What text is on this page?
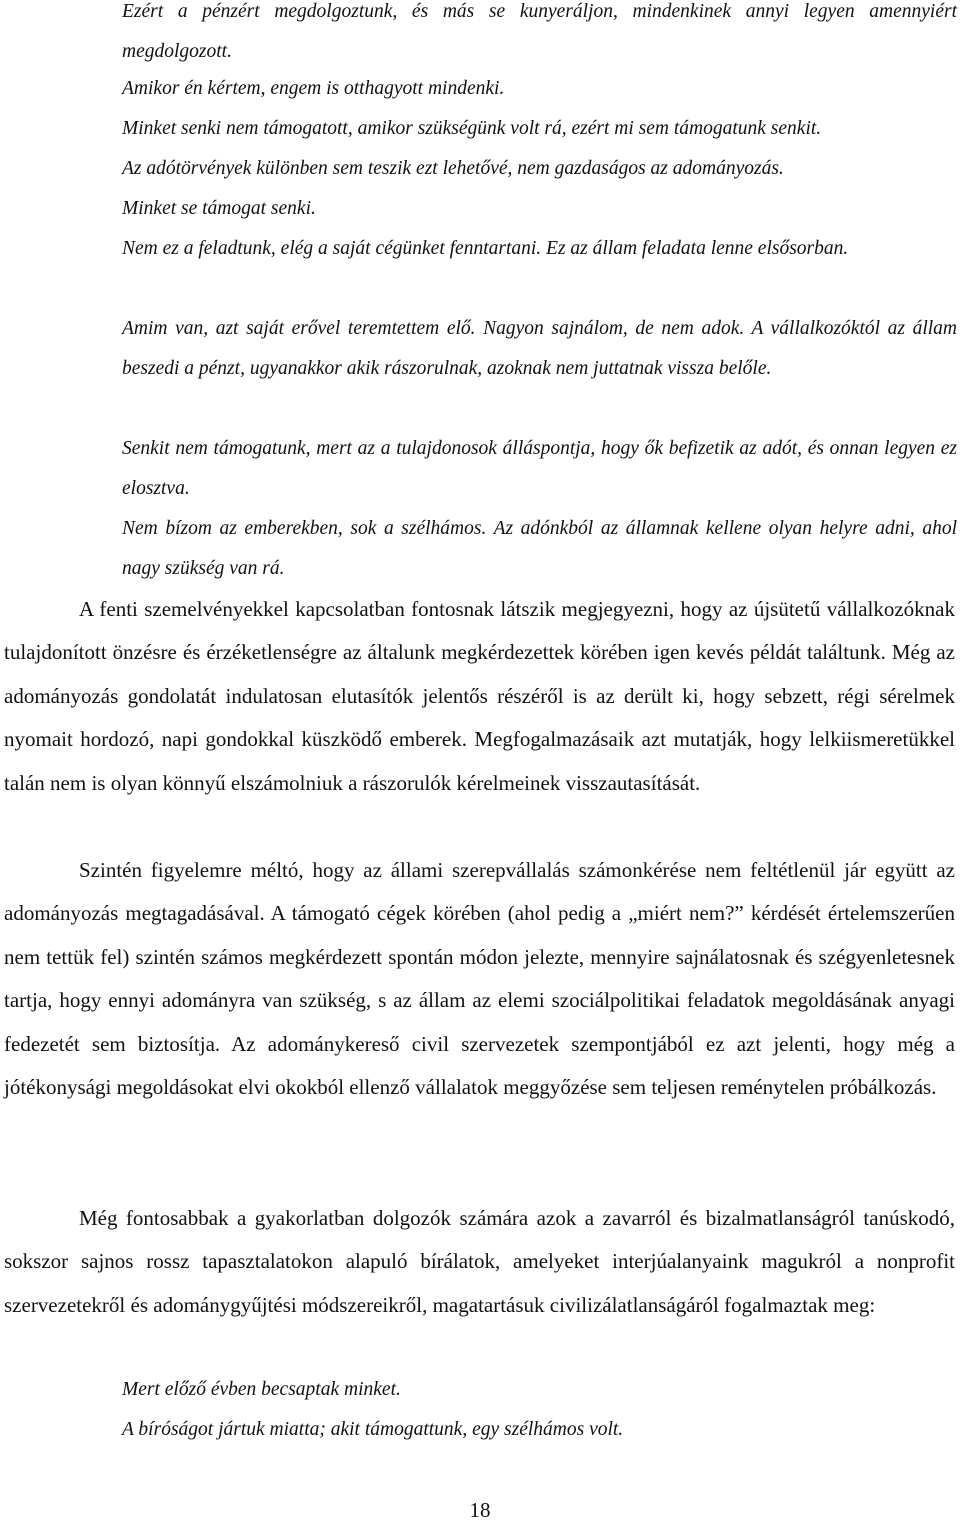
Ezért a pénzért megdolgoztunk, és más se kunyeráljon, mindenkinek annyi legyen amennyiért megdolgozott.

Amikor én kértem, engem is otthagyott mindenki.

Minket senki nem támogatott, amikor szükségünk volt rá, ezért mi sem támogatunk senkit.

Az adótörvények különben sem teszik ezt lehetővé, nem gazdaságos az adományozás.

Minket se támogat senki.

Nem ez a feladtunk, elég a saját cégünket fenntartani. Ez az állam feladata lenne elsősorban.

Amim van, azt saját erővel teremtettem elő. Nagyon sajnálom, de nem adok. A vállalkozóktól az állam beszedi a pénzt, ugyanakkor akik rászorulnak, azoknak nem juttatnak vissza belőle.

Senkit nem támogatunk, mert az a tulajdonosok álláspontja, hogy ők befizetik az adót, és onnan legyen ez elosztva.

Nem bízom az emberekben, sok a szélhámos. Az adónkból az államnak kellene olyan helyre adni, ahol nagy szükség van rá.

A fenti szemelvényekkel kapcsolatban fontosnak látszik megjegyezni, hogy az újsütetű vállalkozóknak tulajdonított önzésre és érzéketlenségre az általunk megkérdezettek körében igen kevés példát találtunk. Még az adományozás gondolatát indulatosan elutasítók jelentős részéről is az derült ki, hogy sebzett, régi sérelmek nyomait hordozó, napi gondokkal küszködő emberek. Megfogalmazásaik azt mutatják, hogy lelkiismeretükkel talán nem is olyan könnyű elszámolniuk a rászorulók kérelmeinek visszautasítását.

Szintén figyelemre méltó, hogy az állami szerepvállalás számonkérése nem feltétlenül jár együtt az adományozás megtagadásával. A támogató cégek körében (ahol pedig a „miért nem?” kérdését értelemszerűen nem tettük fel) szintén számos megkérdezett spontán módon jelezte, mennyire sajnálatosnak és szégyenletesnek tartja, hogy ennyi adományra van szükség, s az állam az elemi szociálpolitikai feladatok megoldásának anyagi fedezetét sem biztosítja. Az adománykereső civil szervezetek szempontjából ez azt jelenti, hogy még a jótékonysági megoldásokat elvi okokból ellenző vállalatok meggyőzése sem teljesen reménytelen próbálkozás.

Még fontosabbak a gyakorlatban dolgozók számára azok a zavarról és bizalmatlanságról tanúskodó, sokszor sajnos rossz tapasztalatokon alapuló bírálatok, amelyeket interjúalanyaink magukról a nonprofit szervezetekről és adománygyűjtési módszereikről, magatartásuk civilizálatlanságáról fogalmaztak meg:

Mert előző évben becsaptak minket.

A bíróságot jártuk miatta; akit támogattunk, egy szélhámos volt.

18
